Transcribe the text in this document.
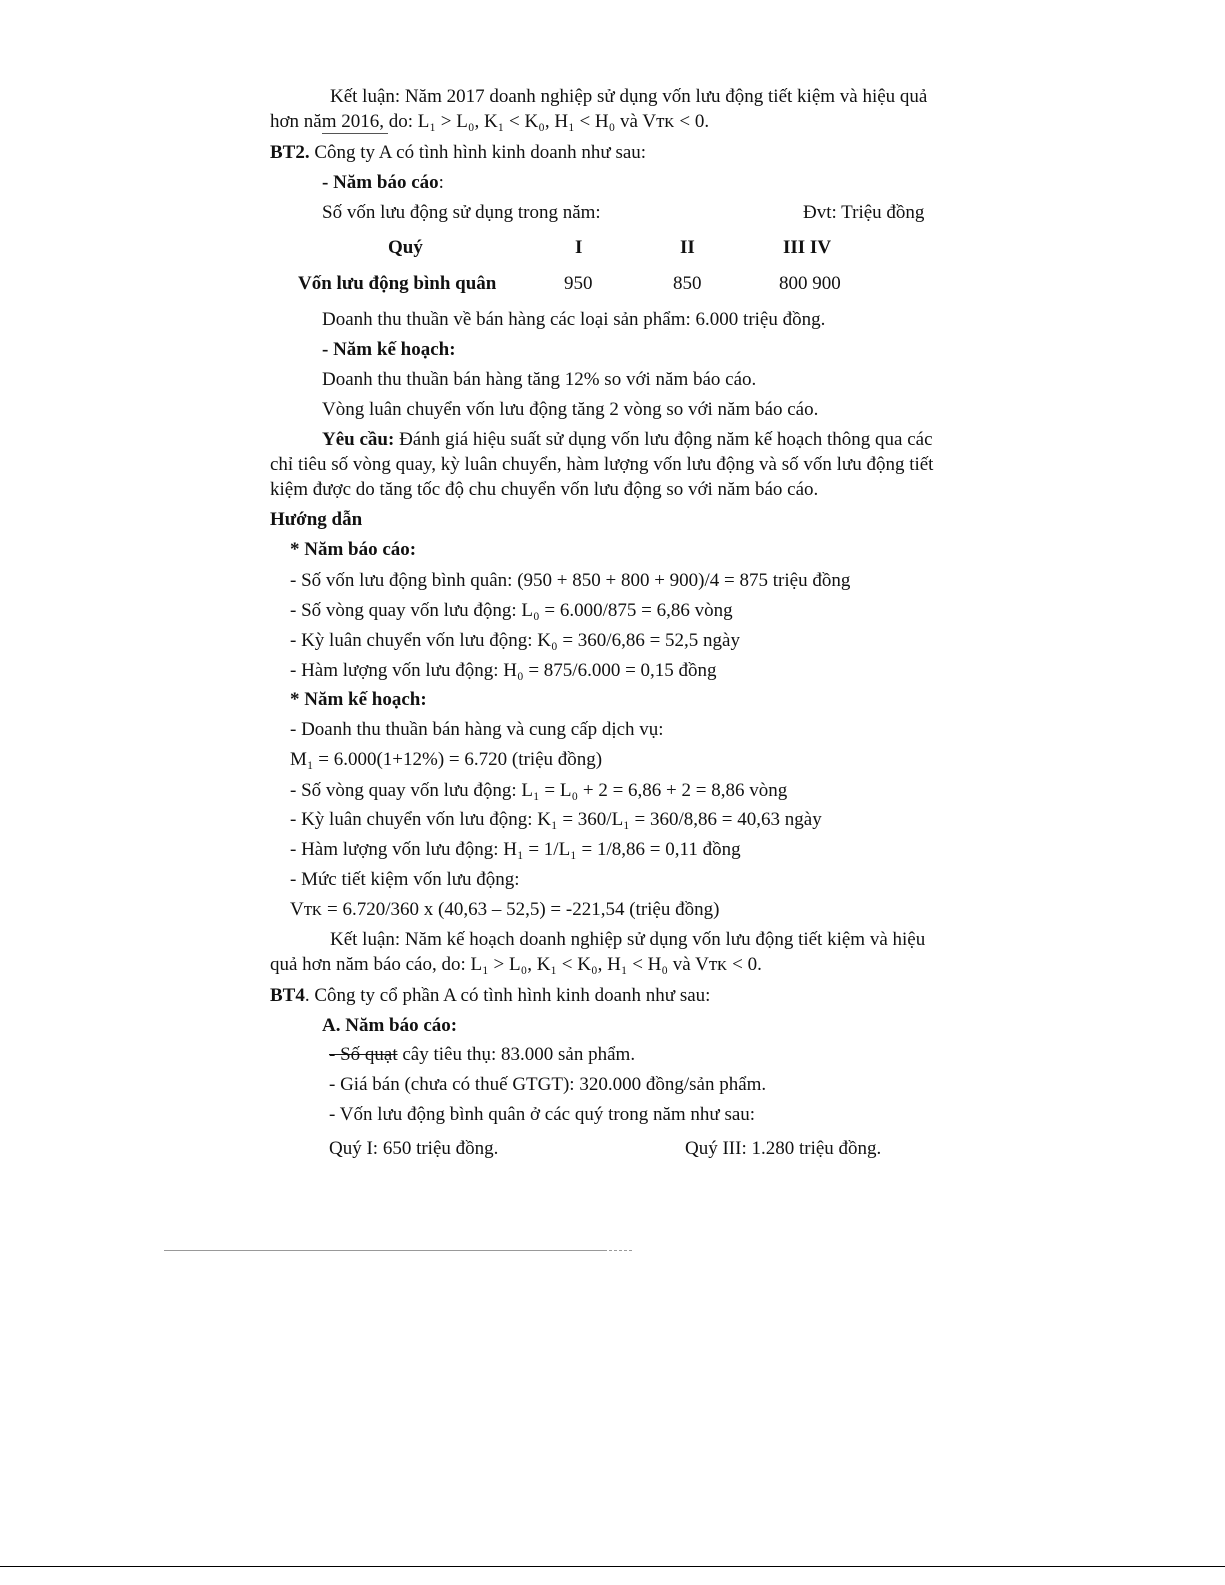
Kết luận: Năm 2017 doanh nghiệp sử dụng vốn lưu động tiết kiệm và hiệu quả
hơn năm 2016, do: L₁ > L₀, K₁ < K₀, H₁ < H₀ và Vᴛᴋ < 0.
BT2. Công ty A có tình hình kinh doanh như sau:
- Năm báo cáo:
Số vốn lưu động sử dụng trong năm:	Đvt: Triệu đồng
Quý	I	II	III IV
Vốn lưu động bình quân	950	850	800 900
Doanh thu thuần về bán hàng các loại sản phẩm: 6.000 triệu đồng.
- Năm kế hoạch:
Doanh thu thuần bán hàng tăng 12% so với năm báo cáo.
Vòng luân chuyển vốn lưu động tăng 2 vòng so với năm báo cáo.
Yêu cầu: Đánh giá hiệu suất sử dụng vốn lưu động năm kế hoạch thông qua các
chỉ tiêu số vòng quay, kỳ luân chuyển, hàm lượng vốn lưu động và số vốn lưu động tiết
kiệm được do tăng tốc độ chu chuyển vốn lưu động so với năm báo cáo.
Hướng dẫn
* Năm báo cáo:
- Số vốn lưu động bình quân: (950 + 850 + 800 + 900)/4 = 875 triệu đồng
- Số vòng quay vốn lưu động: L₀ = 6.000/875 = 6,86 vòng
- Kỳ luân chuyển vốn lưu động: K₀ = 360/6,86 = 52,5 ngày
- Hàm lượng vốn lưu động: H₀ = 875/6.000 = 0,15 đồng
* Năm kế hoạch:
- Doanh thu thuần bán hàng và cung cấp dịch vụ:
M₁ = 6.000(1+12%) = 6.720 (triệu đồng)
- Số vòng quay vốn lưu động: L₁ = L₀ + 2 = 6,86 + 2 = 8,86 vòng
- Kỳ luân chuyển vốn lưu động: K₁ = 360/L₁ = 360/8,86 = 40,63 ngày
- Hàm lượng vốn lưu động: H₁ = 1/L₁ = 1/8,86 = 0,11 đồng
- Mức tiết kiệm vốn lưu động:
Vᴛᴋ = 6.720/360 x (40,63 – 52,5) = -221,54 (triệu đồng)
Kết luận: Năm kế hoạch doanh nghiệp sử dụng vốn lưu động tiết kiệm và hiệu
quả hơn năm báo cáo, do: L₁ > L₀, K₁ < K₀, H₁ < H₀ và Vᴛᴋ < 0.
BT4. Công ty cổ phần A có tình hình kinh doanh như sau:
A. Năm báo cáo:
- Số quạt cây tiêu thụ: 83.000 sản phẩm.
- Giá bán (chưa có thuế GTGT): 320.000 đồng/sản phẩm.
- Vốn lưu động bình quân ở các quý trong năm như sau:
Quý I: 650 triệu đồng.	Quý III: 1.280 triệu đồng.
